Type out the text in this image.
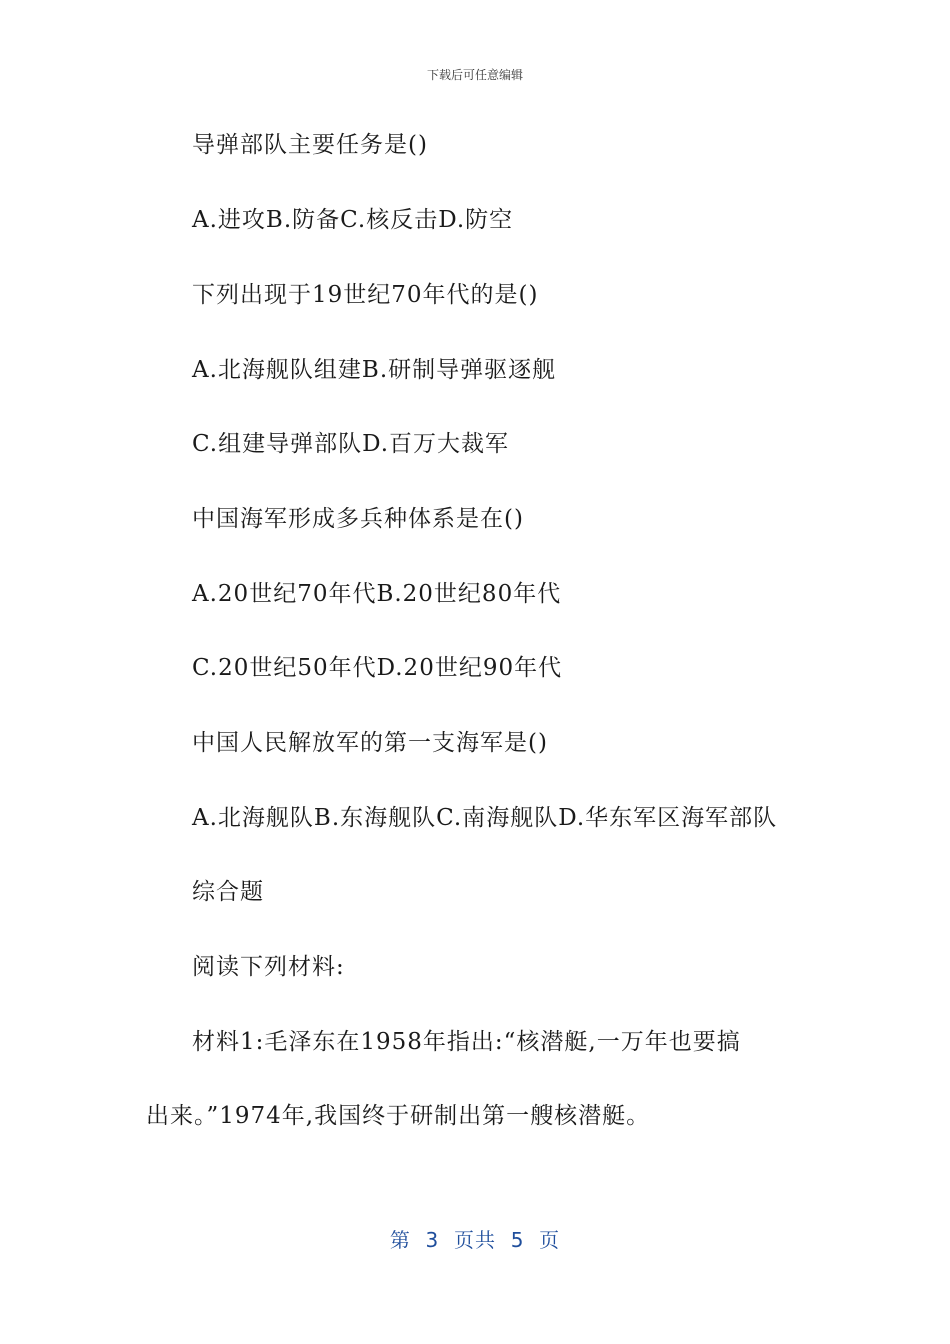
下载后可任意编辑
导弹部队主要任务是()
A.进攻B.防备C.核反击D.防空
下列出现于19世纪70年代的是()
A.北海舰队组建B.研制导弹驱逐舰
C.组建导弹部队D.百万大裁军
中国海军形成多兵种体系是在()
A.20世纪70年代B.20世纪80年代
C.20世纪50年代D.20世纪90年代
中国人民解放军的第一支海军是()
A.北海舰队B.东海舰队C.南海舰队D.华东军区海军部队
综合题
阅读下列材料:
材料1:毛泽东在1958年指出:“核潜艇,一万年也要搞
出来。”1974年,我国终于研制出第一艘核潜艇。
第  3  页共  5  页
